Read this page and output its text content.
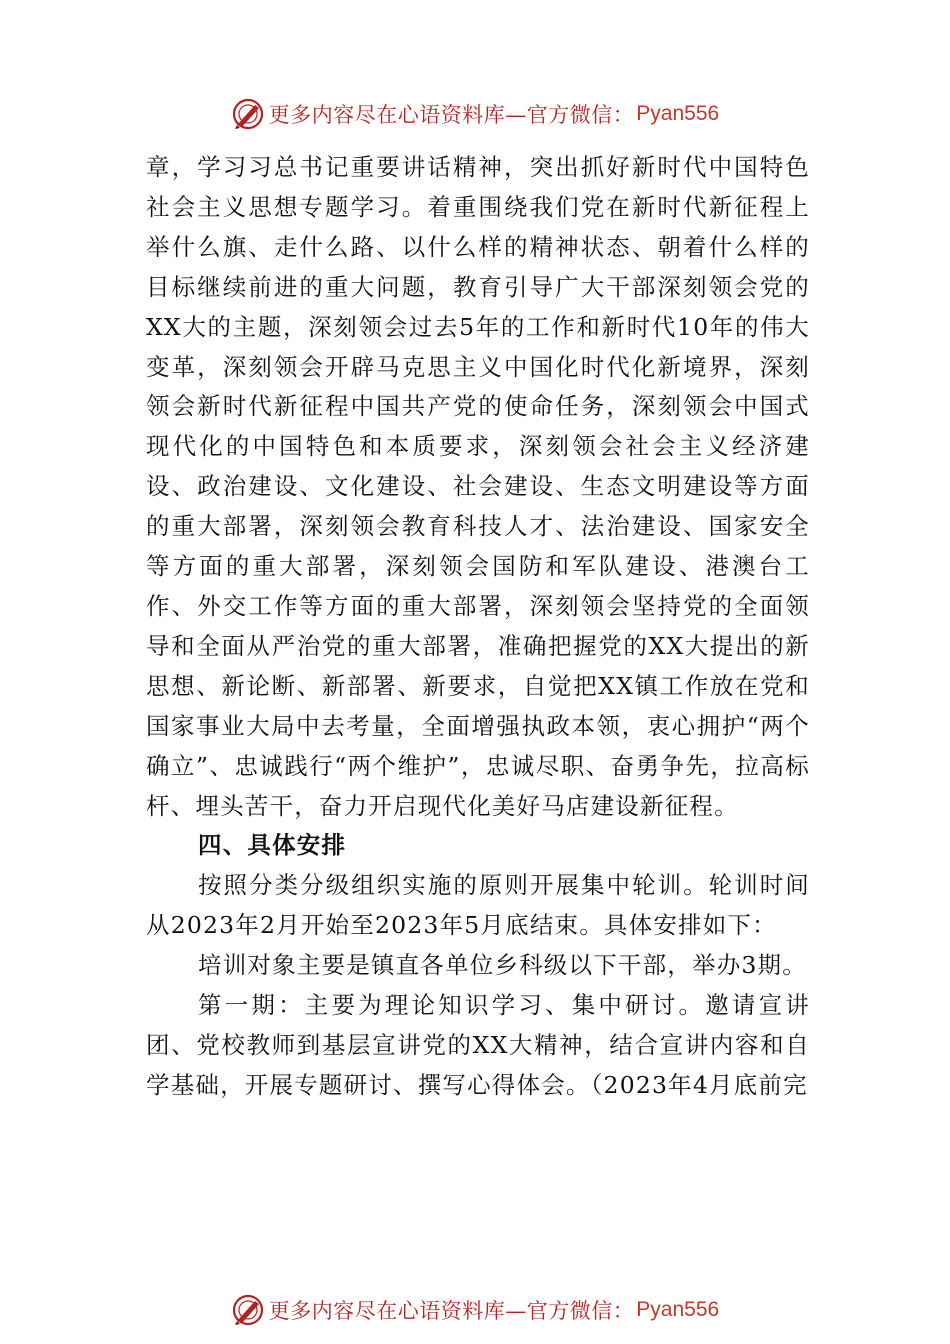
更多内容尽在心语资料库—官方微信： Pyan556

章，学习习总书记重要讲话精神，突出抓好新时代中国特色社会主义思想专题学习。着重围绕我们党在新时代新征程上举什么旗、走什么路、以什么样的精神状态、朝着什么样的目标继续前进的重大问题，教育引导广大干部深刻领会党的XX大的主题，深刻领会过去5年的工作和新时代10年的伟大变革，深刻领会开辟马克思主义中国化时代化新境界，深刻领会新时代新征程中国共产党的使命任务，深刻领会中国式现代化的中国特色和本质要求，深刻领会社会主义经济建设、政治建设、文化建设、社会建设、生态文明建设等方面的重大部署，深刻领会教育科技人才、法治建设、国家安全等方面的重大部署，深刻领会国防和军队建设、港澳台工作、外交工作等方面的重大部署，深刻领会坚持党的全面领导和全面从严治党的重大部署，准确把握党的XX大提出的新思想、新论断、新部署、新要求，自觉把XX镇工作放在党和国家事业大局中去考量，全面增强执政本领，衷心拥护“两个确立”、忠诚践行“两个维护”，忠诚尽职、奋勇争先，拉高标杆、埋头苦干，奋力开启现代化美好马店建设新征程。

四、具体安排

按照分类分级组织实施的原则开展集中轮训。轮训时间从2023年2月开始至2023年5月底结束。具体安排如下：

培训对象主要是镇直各单位乡科级以下干部，举办3期。

第一期：主要为理论知识学习、集中研讨。邀请宣讲团、党校教师到基层宣讲党的XX大精神，结合宣讲内容和自学基础，开展专题研讨、撰写心得体会。（2023年4月底前完

更多内容尽在心语资料库—官方微信： Pyan556
